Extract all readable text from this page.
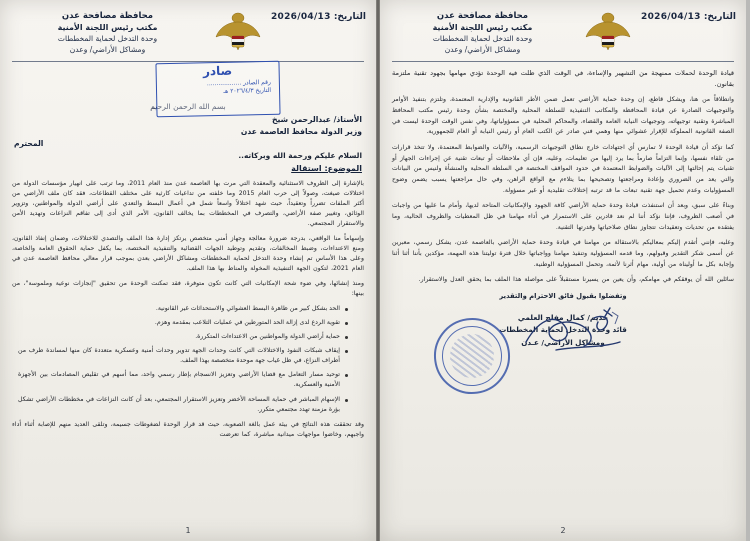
التاريخ: 2026/04/13
محافظة مصافحة عدن
مكتب رئيس اللجنة الأمنية
وحدة التدخل لحماية المخططات
ومشاكل الأراضي/ وعدن

قيادة الوحدة لحملات ممنهجة من التشهير والإساءة، في الوقت الذي ظلت فيه الوحدة تؤدي مهامها بجهود تقنية ملتزمة بقانون.

وانطلاقاً من هنا، ويشكل قاطع، إن وحدة حماية الأراضي تعمل ضمن الأطر القانونية والإدارية المعتمدة، وتلتزم بتنفيذ الأوامر والتوجيهات الصادرة عن قيادة المحافظة والمكاتب التنفيذية للسلطة المحلية والمختصة بشأن وحدة رئيس مكتب المحافظ المباشرة وتقنية توجيهاته، وتوجيهات النيابة العامة والقضاء، والمحاكم المحلية في مسؤولياتها، وفي نفس الوقت الوحدة ليست في الصفة القانونية المملوكة للإقرار عشوائي منها وهمي فني صادر عن الكتب العام أو رئيس النيابة أو العام للجمهورية.

كما تؤكد أن قيادة الوحدة لا تمارس أي اجتهادات خارج نطاق التوجيهات الرسمية، والآليات والضوابط المعتمدة، ولا تتخذ قرارات من تلقاء نفسها، وإنما التزاماً صارماً بما يرد إليها من تعليمات، وعليه، فإن أي ملاحظات أو تبعات تقنية عن إجراءات الجهاز أو تقنيات يتم إحالتها إلى الآليات والضوابط المعتمدة في حدود المواقف المختصة في السلطة المحلية والمنشأة ولنيس من البيانات والتي يعد من الضروري وإعادة ومراجعتها وتصحيحها بما يتلاءم مع الواقع الراهن، وفي حال مراجعتها يسبب يضمن وضوح المسؤوليات وعدم تحميل جهة تقنية تبعات ما قد ترتبه إختلالات تقليدية أو غير مسؤولة.

وبناءً على سبق، وبعد أن استنفذت قيادة وحدة حماية الأراضي كافة الجهود والإمكانيات المتاحة لديها، وأمام ما عليها من واجبات في أصعب الظروف، فإننا نؤكد أننا لم نعد قادرين على الاستمرار في أداء مهامنا في ظل المعطيات والظروف الحالية، وما يفتقده من تحديات وتعقيدات تتجاوز نطاق صلاحياتها وقدرتها التقنية.

وعليه، فإنني أتقدم إليكم بمعاليكم بالاستقالة من مهامنا في قيادة وحدة حماية الأراضي بالعاصمة عدن، يشكل رسمي، معبرين عن أسمى شكر التقدير وقبولهم، وما قدمه المسؤولية وتنفيذ مهامنا وواجباتها خلال فترة توليتنا هذه المهمة، مؤكدين بأننا أثنا أثنا وإجابة بكل ما أوليناه من أولية، مهام أثرنا لأثمة، وتحمل المسؤولية الوطنية.

سائلين الله أن يوفقكم في مهامكم، وأن يعين من يسيرنا مستقبلاً على مواصلة هذا الملف بما يحقق العدل والاستقرار.

وتفضلوا بقبول فائق الاحترام والتقدير
خديم/ كمال مفلح العلمي
قائد وحدة التدخل لحماية المخططات
ومشاكل الأراضي/ عـدن
2
التاريخ: 2026/04/13
محافظة مصافحة عدن
مكتب رئيس اللجنة الأمنية
وحدة التدخل لحماية المخططات
ومشاكل الأراضي/ وعدن
صادر
رقم الصادر ..................
التاريخ ٢٠٢٦/٤/٣ هـ
بسم الله الرحمن الرحيم
الأستاذ/ عبدالرحمن شيخ
وزير الدولة محافظ العاصمة عدن
المحترم
السلام عليكم ورحمة الله وبركاته..
الموضوع: استقالة

بالإشارة إلى الظروف الاستثنائية والمعقدة التي مرت بها العاصمة عدن منذ العام 2011، وما ترتب على انهيار مؤسسات الدولة من اختلالات صيغت، وصولاً إلى حرب العام 2015 وما خلفته من تداعيات كارثية على مختلف القطاعات، فقد كان ملف الأراضي من أكثر الملفات تضرراً وتعقيداً، حيث شهد اختلالاً واسعاً شمل في أعمال البسط والتعدي على أراضي الدولة والمواطنين، وتزوير الوثائق، وتغيير صفة الأراضي، والتصرف في المخططات بما يخالف القانون، الأمر الذي أدى إلى تفاقم النزاعات وتهديد الأمن والاستقرار المجتمعي.

وإسهاماً منا الواقعي، بدرجة ضرورة معالجة وجهاز أمني متخصص يرتكز إدارة هذا الملف والتصدي للاختلالات، وضمان إنفاذ القانون، ومنع الاعتداءات، وضبط المخالفات، وتقديم وتوطيد الجهات القضائية والتنفيذية المختصة، بما يكفل حماية الحقوق العامة والخاصة، وعلى هذا الأساس تم إنشاء وحدة التدخل لحماية المخططات ومشاكل الأراضي بعدن بموجب قرار معالي محافظ العاصمة عدن في العام 2021، لتكون الجهة التنفيذية المخولة والمناط بها هذا الملف.

ومنذ إنشائها، وفي ضوء شحة الإمكانيات التي كانت تكون متوفرة، فقد تمكنت الوحدة من تحقيق "إنجازات نوعية وملموسة"، من بينها:

الحد بشكل كبير من ظاهرة البسط العشوائي والاستحداثات غير القانونية.
تقوية الردع لدى إزالة الحد المتورطين في عمليات التلاعب بمقدمة وهزم.
حماية أراضي الدولة والمواطنين من الاعتداءات المتكررة.
إيقاف شبكات النفوذ والاختلالات التي كانت وحدات الجهة تدوير وحدات أمنية وعسكرية متعددة كان منها لمساندة طرف من أطراف النزاع، في ظل غياب جهة موحدة متخصصة بهذا الملف.
توحيد مسار التعامل مع قضايا الأراضي وتعزيز الانسجام بإطار رسمي واحد، مما أسهم في تقليص المصادمات بين الأجهزة الأمنية والعسكرية.
الإسهام المباشر في حماية المساحة الأخضر وتعزيز الاستقرار المجتمعي، بعد أن كانت النزاعات في مخططات الأراضي تشكل بؤرة مزمنة تهدد مجتمعي متكرر.

وقد تحققت هذه النتائج في بيئة عمل بالغة الصعوبة، حيث قد قرار الوحدة لضغوطات جسيمة، وتلقى العديد منهم للإصابة أثناء أداء واجبهم، وخاضوا مواجهات ميدانية مباشرة، كما تعرضت

1
